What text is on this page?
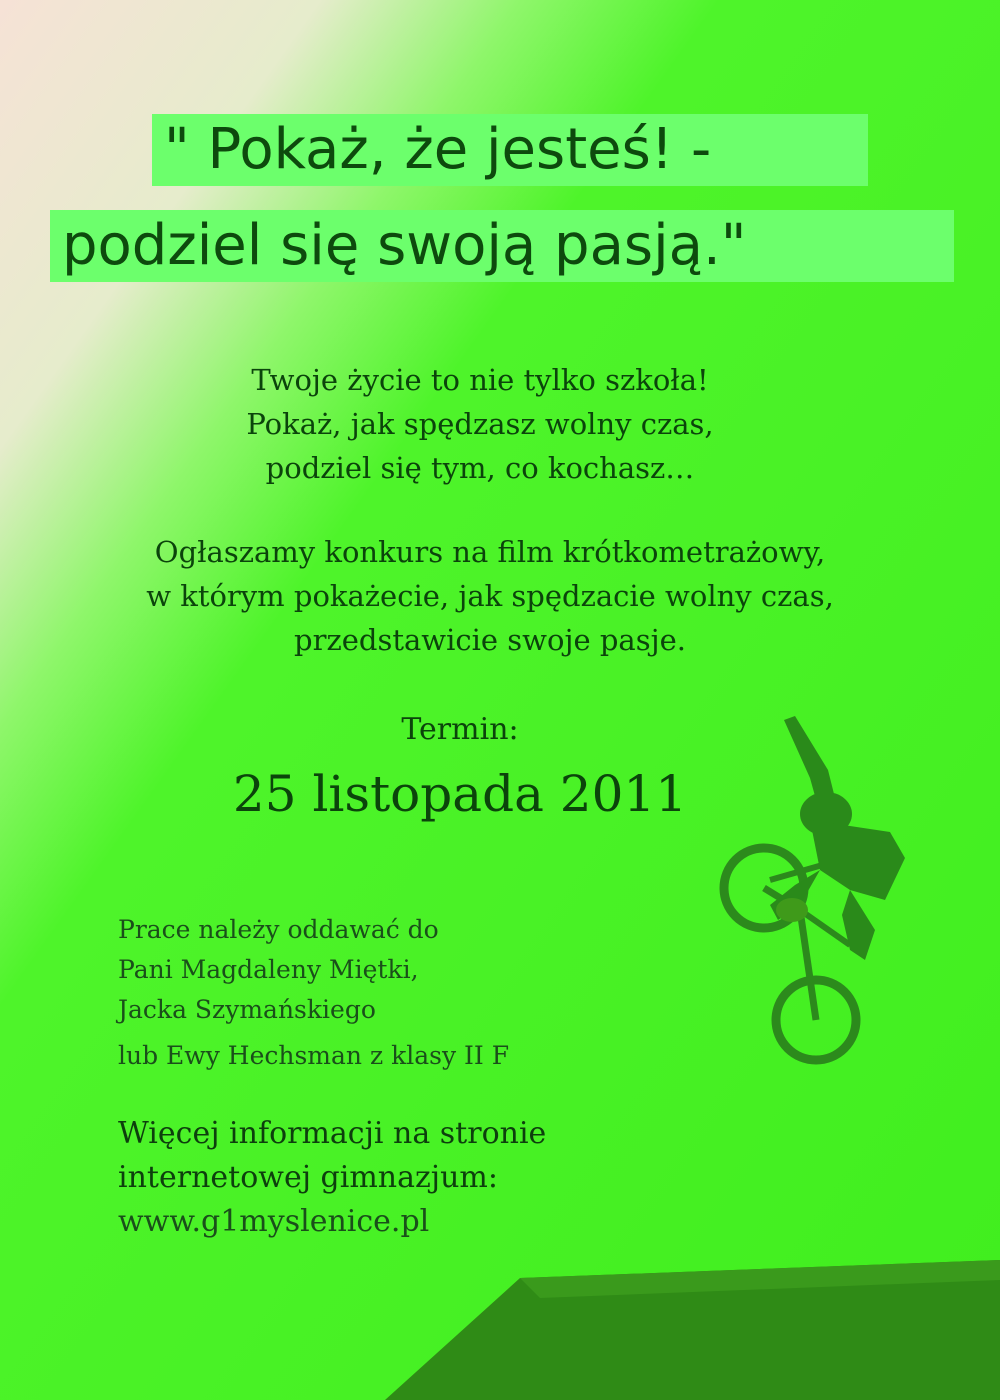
" Pokaż, że jesteś! -
podziel się swoją pasją."
Twoje życie to nie tylko szkoła!
Pokaż, jak spędzasz wolny czas,
podziel się tym, co kochasz…
Ogłaszamy konkurs na film krótkometrażowy,
w którym pokażecie, jak spędzacie wolny czas,
przedstawicie swoje pasje.
Termin:
25 listopada 2011
Prace należy oddawać do
Pani Magdaleny Miętki,
Jacka Szymańskiego
lub Ewy Hechsman z klasy II F
Więcej informacji na stronie
internetowej gimnazjum:
www.g1myslenice.pl
